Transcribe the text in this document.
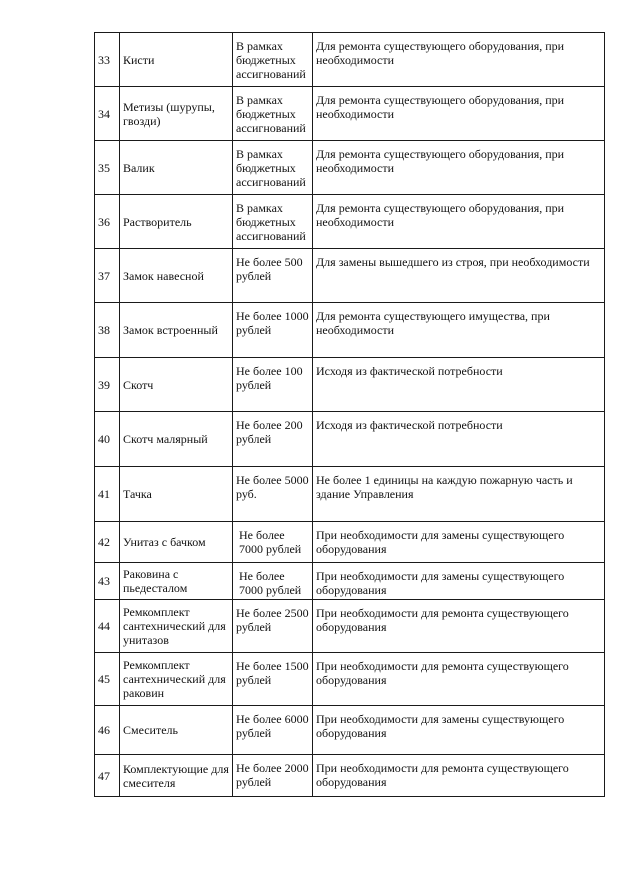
33	Кисти	В рамках бюджетных ассигнований	Для ремонта существующего оборудования, при необходимости
34	Метизы (шурупы, гвозди)	В рамках бюджетных ассигнований	Для ремонта существующего оборудования, при необходимости
35	Валик	В рамках бюджетных ассигнований	Для ремонта существующего оборудования, при необходимости
36	Растворитель	В рамках бюджетных ассигнований	Для ремонта существующего оборудования, при необходимости
37	Замок навесной	Не более 500 рублей	Для замены вышедшего из строя, при необходимости
38	Замок встроенный	Не более 1000 рублей	Для ремонта существующего имущества, при необходимости
39	Скотч	Не более 100 рублей	Исходя из фактической потребности
40	Скотч малярный	Не более 200 рублей	Исходя из фактической потребности
41	Тачка	Не более 5000 руб.	Не более 1 единицы на каждую пожарную часть и здание Управления
42	Унитаз с бачком	Не более 7000 рублей	При необходимости для замены существующего оборудования
43	Раковина с пьедесталом	Не более 7000 рублей	При необходимости для замены существующего оборудования
44	Ремкомплект сантехнический для унитазов	Не более 2500 рублей	При необходимости для ремонта существующего оборудования
45	Ремкомплект сантехнический для раковин	Не более 1500 рублей	При необходимости для ремонта существующего оборудования
46	Смеситель	Не более 6000 рублей	При необходимости для замены существующего оборудования
47	Комплектующие для смесителя	Не более 2000 рублей	При необходимости для ремонта существующего оборудования
